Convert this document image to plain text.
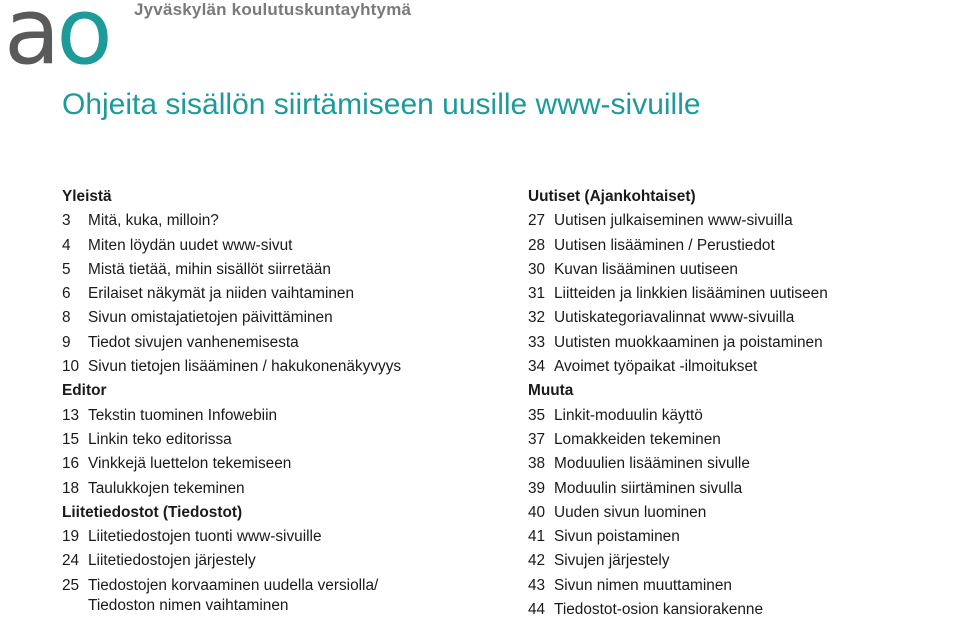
ao Jyväskylän koulutuskuntayhtymä
Ohjeita sisällön siirtämiseen uusille www-sivuille
Yleistä
3	Mitä, kuka, milloin?
4	Miten löydän uudet www-sivut
5	Mistä tietää, mihin sisällöt siirretään
6	Erilaiset näkymät ja niiden vaihtaminen
8	Sivun omistajatietojen päivittäminen
9	Tiedot sivujen vanhenemisesta
10 Sivun tietojen lisääminen / hakukonenäkyvyys
Editor
13 Tekstin tuominen Infowebiin
15 Linkin teko editorissa
16 Vinkkejä luettelon tekemiseen
18 Taulukkojen tekeminen
Liitetiedostot (Tiedostot)
19 Liitetiedostojen tuonti www-sivuille
24 Liitetiedostojen järjestely
25 Tiedostojen korvaaminen uudella versiolla/
Tiedoston nimen vaihtaminen
Uutiset (Ajankohtaiset)
27 Uutisen julkaiseminen www-sivuilla
28 Uutisen lisääminen / Perustiedot
30 Kuvan lisääminen uutiseen
31 Liitteiden ja linkkien lisääminen uutiseen
32 Uutiskategoriavalinnat www-sivuilla
33 Uutisten muokkaaminen ja poistaminen
34 Avoimet työpaikat -ilmoitukset
Muuta
35 Linkit-moduulin käyttö
37 Lomakkeiden tekeminen
38 Moduulien lisääminen sivulle
39 Moduulin siirtäminen sivulla
40 Uuden sivun luominen
41 Sivun poistaminen
42 Sivujen järjestely
43 Sivun nimen muuttaminen
44 Tiedostot-osion kansiorakenne
